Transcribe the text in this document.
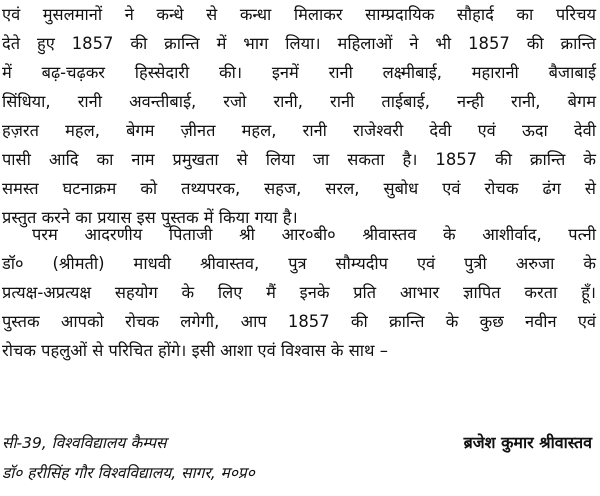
एवं मुसलमानों ने कन्धे से कन्धा मिलाकर साम्प्रदायिक सौहार्द का परिचय
देते हुए 1857 की क्रान्ति में भाग लिया। महिलाओं ने भी 1857 की क्रान्ति
में बढ़-चढ़कर हिस्सेदारी की। इनमें रानी लक्ष्मीबाई, महारानी बैजाबाई
सिंधिया, रानी अवन्तीबाई, रजो रानी, रानी ताईबाई, नन्ही रानी, बेगम
हज़रत महल, बेगम ज़ीनत महल, रानी राजेश्वरी देवी एवं ऊदा देवी
पासी आदि का नाम प्रमुखता से लिया जा सकता है। 1857 की क्रान्ति के
समस्त घटनाक्रम को तथ्यपरक, सहज, सरल, सुबोध एवं रोचक ढंग से
प्रस्तुत करने का प्रयास इस पुस्तक में किया गया है।
परम आदरणीय पिताजी श्री आर०बी० श्रीवास्तव के आशीर्वाद, पत्नी
डॉ० (श्रीमती) माधवी श्रीवास्तव, पुत्र सौम्यदीप एवं पुत्री अरुजा के
प्रत्यक्ष-अप्रत्यक्ष सहयोग के लिए मैं इनके प्रति आभार ज्ञापित करता हूँ।
पुस्तक आपको रोचक लगेगी, आप 1857 की क्रान्ति के कुछ नवीन एवं
रोचक पहलुओं से परिचित होंगे। इसी आशा एवं विश्वास के साथ –
सी-39, विश्वविद्यालय कैम्पस
डॉ० हरीसिंह गौर विश्वविद्यालय, सागर, म०प्र०
ब्रजेश कुमार श्रीवास्तव
